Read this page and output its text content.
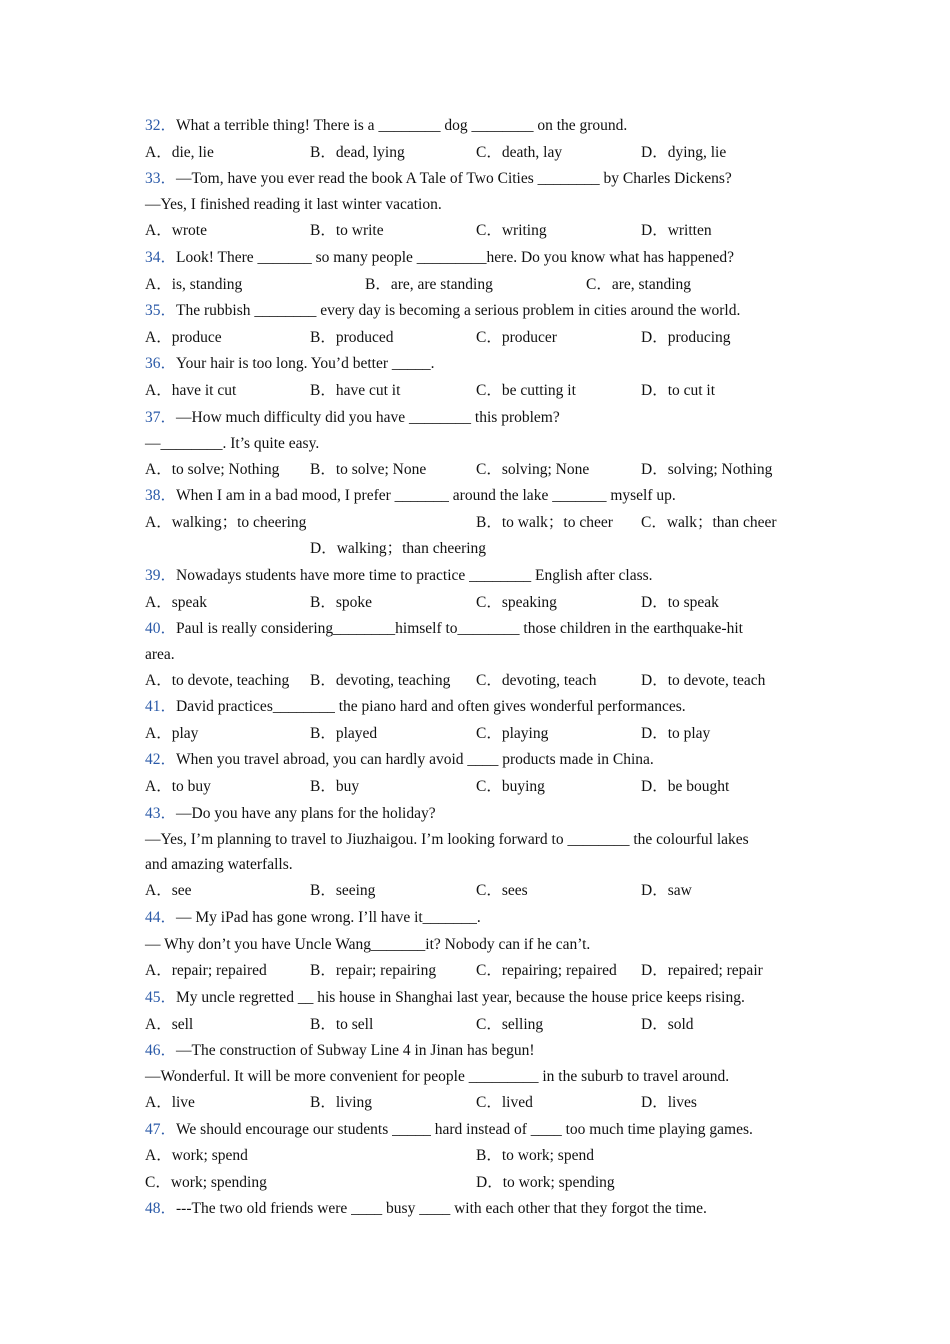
32．What a terrible thing! There is a ________ dog ________ on the ground.
A．die, lie	B．dead, lying	C．death, lay	D．dying, lie
33．—Tom, have you ever read the book A Tale of Two Cities ________ by Charles Dickens?
—Yes, I finished reading it last winter vacation.
A．wrote	B．to write	C．writing	D．written
34．Look! There _______ so many people _________here. Do you know what has happened?
A．is, standing	B．are, are standing	C．are, standing
35．The rubbish ________ every day is becoming a serious problem in cities around the world.
A．produce	B．produced	C．producer	D．producing
36．Your hair is too long. You’d better _____.
A．have it cut	B．have cut it	C．be cutting it	D．to cut it
37．—How much difficulty did you have ________ this problem?
—________. It’s quite easy.
A．to solve; Nothing B．to solve; None	C．solving; None	D．solving; Nothing
38．When I am in a bad mood, I prefer _______ around the lake _______ myself up.
A．walking；to cheering	B．to walk；to cheer C．walk；than cheer
D．walking；than cheering
39．Nowadays students have more time to practice ________ English after class.
A．speak	B．spoke	C．speaking	D．to speak
40．Paul is really considering________himself to________ those children in the earthquake-hit
area.
A．to devote, teaching B．devoting, teaching C．devoting, teach	D．to devote, teach
41．David practices________ the piano hard and often gives wonderful performances.
A．play	B．played	C．playing	D．to play
42．When you travel abroad, you can hardly avoid ____ products made in China.
A．to buy	B．buy	C．buying	D．be bought
43．—Do you have any plans for the holiday?
—Yes, I’m planning to travel to Jiuzhaigou. I’m looking forward to ________ the colourful lakes
and amazing waterfalls.
A．see	B．seeing	C．sees	D．saw
44．— My iPad has gone wrong. I’ll have it_______.
— Why don’t you have Uncle Wang_______it? Nobody can if he can’t.
A．repair; repaired	B．repair; repairing	C．repairing; repaired D．repaired; repair
45．My uncle regretted __ his house in Shanghai last year, because the house price keeps rising.
A．sell	B．to sell	C．selling	D．sold
46．—The construction of Subway Line 4 in Jinan has begun!
—Wonderful. It will be more convenient for people _________ in the suburb to travel around.
A．live	B．living	C．lived	D．lives
47．We should encourage our students _____ hard instead of ____ too much time playing games.
A．work; spend	B．to work; spend
C．work; spending	D．to work; spending
48．---The two old friends were ____ busy ____ with each other that they forgot the time.
